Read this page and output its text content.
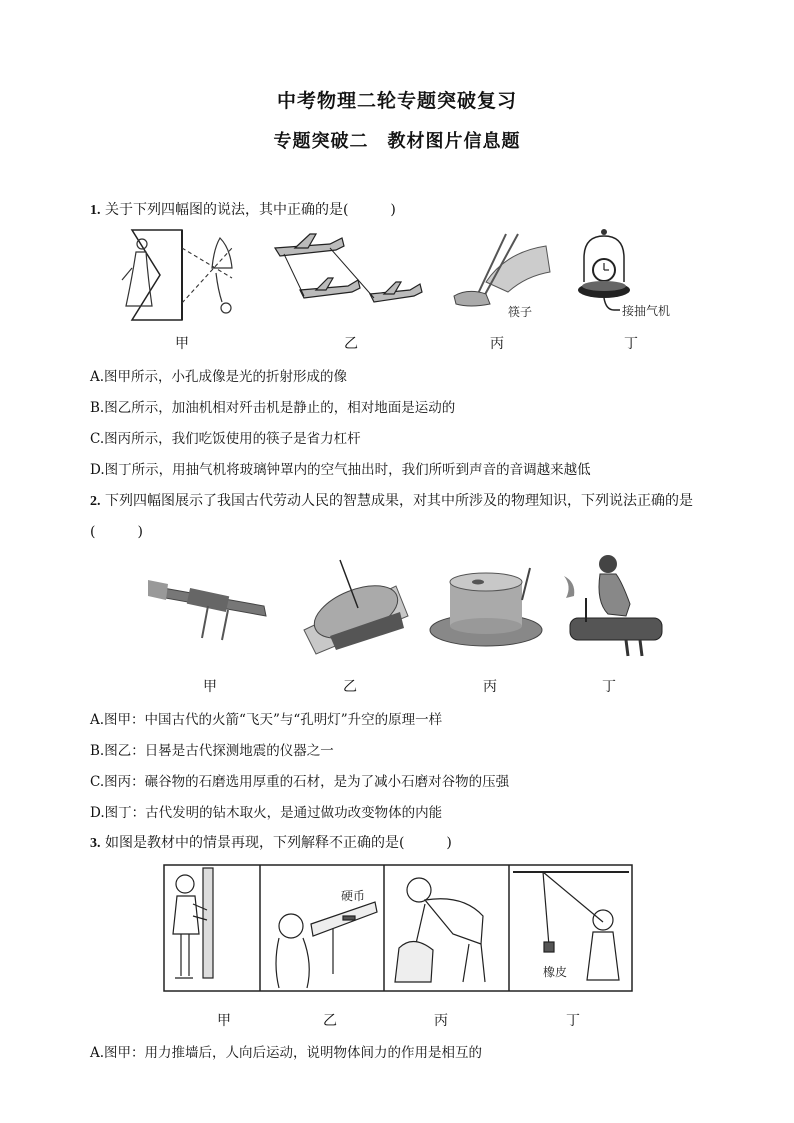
中考物理二轮专题突破复习
专题突破二　教材图片信息题
1. 关于下列四幅图的说法，其中正确的是(　　　)
筷子	接抽气机
甲	乙	丙	丁
A.图甲所示，小孔成像是光的折射形成的像
B.图乙所示，加油机相对歼击机是静止的，相对地面是运动的
C.图丙所示，我们吃饭使用的筷子是省力杠杆
D.图丁所示，用抽气机将玻璃钟罩内的空气抽出时，我们所听到声音的音调越来越低
2. 下列四幅图展示了我国古代劳动人民的智慧成果，对其中所涉及的物理知识，下列说法正确的是
(　　　)
甲	乙	丙	丁
A.图甲：中国古代的火箭“飞天”与“孔明灯”升空的原理一样
B.图乙：日晷是古代探测地震的仪器之一
C.图丙：碾谷物的石磨选用厚重的石材，是为了减小石磨对谷物的压强
D.图丁：古代发明的钻木取火，是通过做功改变物体的内能
3. 如图是教材中的情景再现，下列解释不正确的是(　　　)
硬币
橡皮
甲	乙	丙	丁
A.图甲：用力推墙后，人向后运动，说明物体间力的作用是相互的
